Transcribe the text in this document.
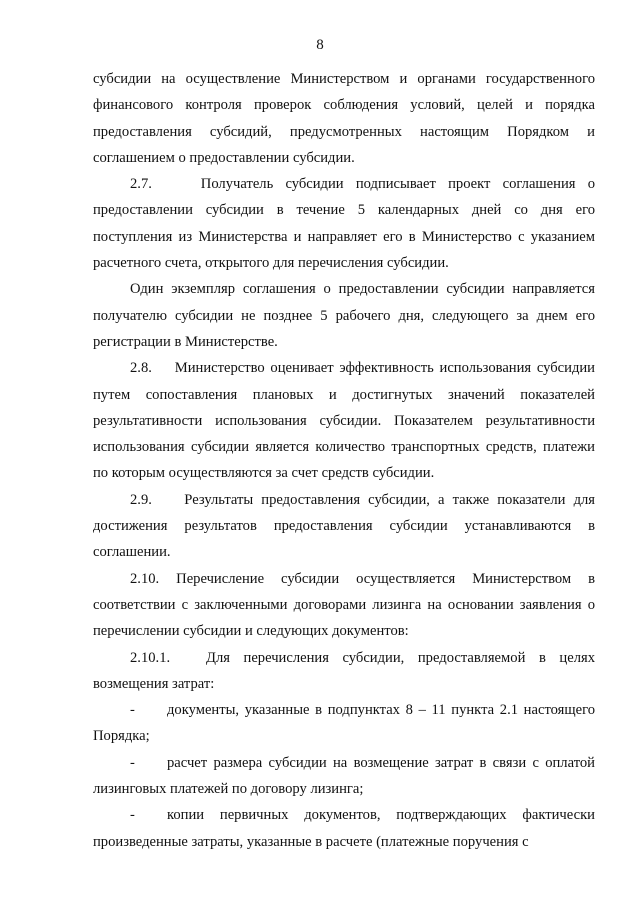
8

субсидии на осуществление Министерством и органами государственного финансового контроля проверок соблюдения условий, целей и порядка предоставления субсидий, предусмотренных настоящим Порядком и соглашением о предоставлении субсидии.

2.7.	Получатель субсидии подписывает проект соглашения о предоставлении субсидии в течение 5 календарных дней со дня его поступления из Министерства и направляет его в Министерство с указанием расчетного счета, открытого для перечисления субсидии.

Один экземпляр соглашения о предоставлении субсидии направляется получателю субсидии не позднее 5 рабочего дня, следующего за днем его регистрации в Министерстве.

2.8. Министерство оценивает эффективность использования субсидии путем сопоставления плановых и достигнутых значений показателей результативности использования субсидии. Показателем результативности использования субсидии является количество транспортных средств, платежи по которым осуществляются за счет средств субсидии.

2.9. Результаты предоставления субсидии, а также показатели для достижения результатов предоставления субсидии устанавливаются в соглашении.

2.10. Перечисление субсидии осуществляется Министерством в соответствии с заключенными договорами лизинга на основании заявления о перечислении субсидии и следующих документов:

2.10.1. Для перечисления субсидии, предоставляемой в целях возмещения затрат:

- документы, указанные в подпунктах 8 – 11 пункта 2.1 настоящего Порядка;

- расчет размера субсидии на возмещение затрат в связи с оплатой лизинговых платежей по договору лизинга;

- копии первичных документов, подтверждающих фактически произведенные затраты, указанные в расчете (платежные поручения с
